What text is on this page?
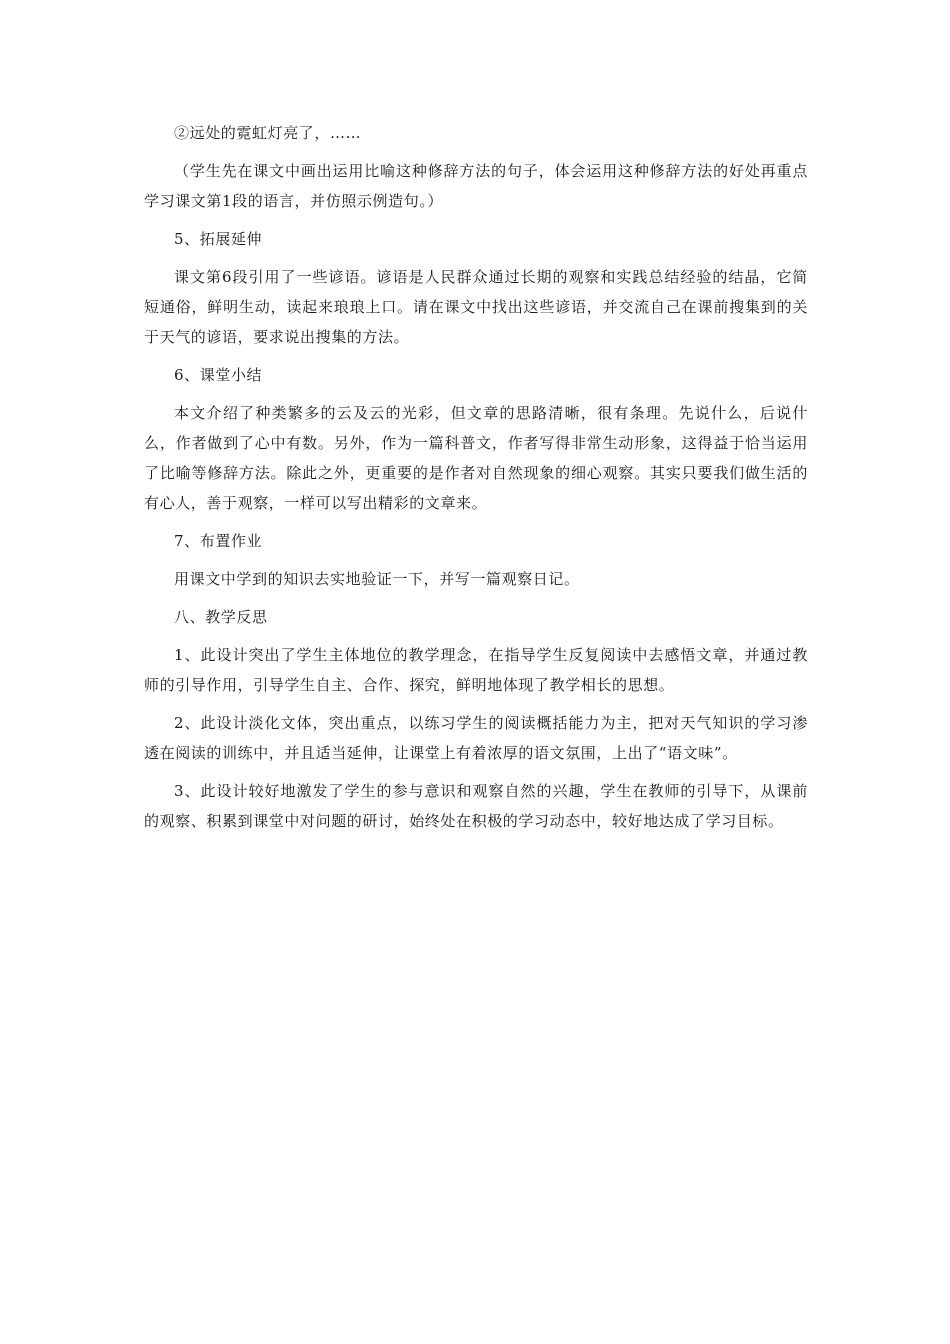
②远处的霓虹灯亮了，……

（学生先在课文中画出运用比喻这种修辞方法的句子，体会运用这种修辞方法的好处再重点学习课文第1段的语言，并仿照示例造句。）

5、拓展延伸

课文第6段引用了一些谚语。谚语是人民群众通过长期的观察和实践总结经验的结晶，它简短通俗，鲜明生动，读起来琅琅上口。请在课文中找出这些谚语，并交流自己在课前搜集到的关于天气的谚语，要求说出搜集的方法。

6、课堂小结

本文介绍了种类繁多的云及云的光彩，但文章的思路清晰，很有条理。先说什么，后说什么，作者做到了心中有数。另外，作为一篇科普文，作者写得非常生动形象，这得益于恰当运用了比喻等修辞方法。除此之外，更重要的是作者对自然现象的细心观察。其实只要我们做生活的有心人，善于观察，一样可以写出精彩的文章来。

7、布置作业

用课文中学到的知识去实地验证一下，并写一篇观察日记。

八、教学反思

1、此设计突出了学生主体地位的教学理念，在指导学生反复阅读中去感悟文章，并通过教师的引导作用，引导学生自主、合作、探究，鲜明地体现了教学相长的思想。

2、此设计淡化文体，突出重点，以练习学生的阅读概括能力为主，把对天气知识的学习渗透在阅读的训练中，并且适当延伸，让课堂上有着浓厚的语文氛围，上出了“语文味”。

3、此设计较好地激发了学生的参与意识和观察自然的兴趣，学生在教师的引导下，从课前的观察、积累到课堂中对问题的研讨，始终处在积极的学习动态中，较好地达成了学习目标。
